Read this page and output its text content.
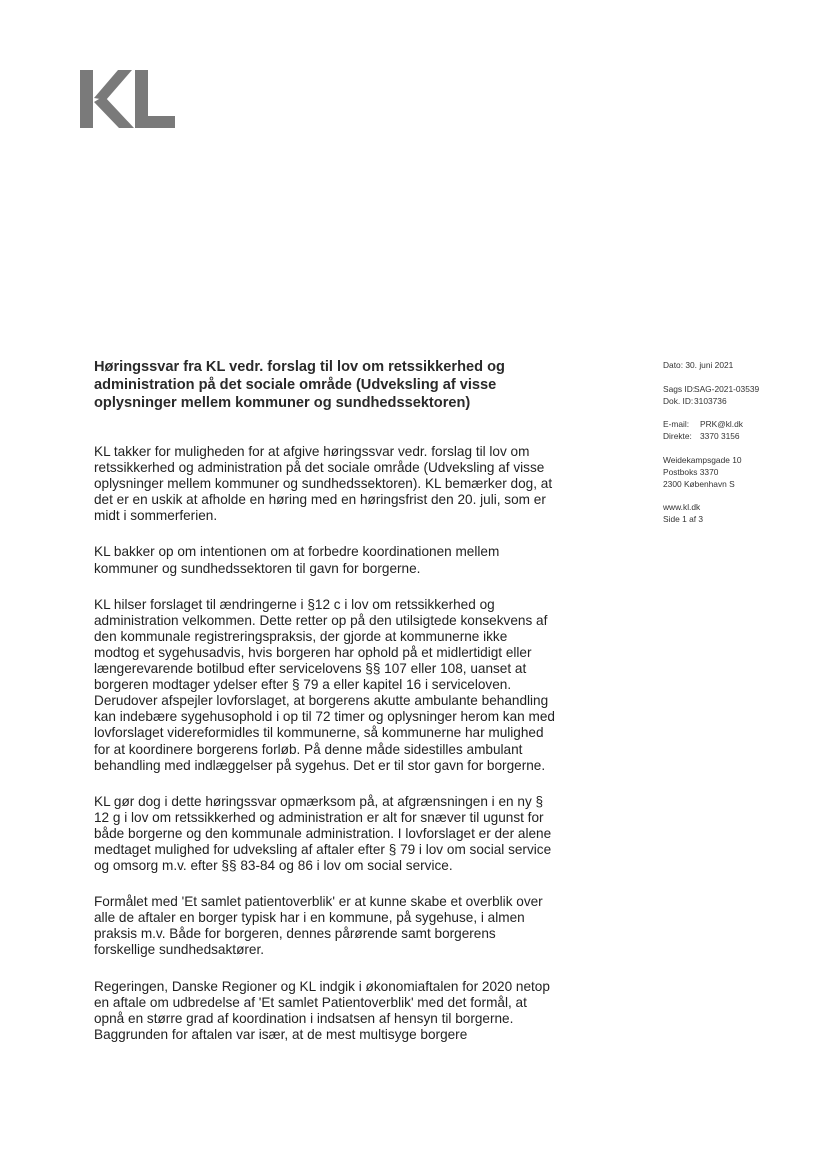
Høringssvar fra KL vedr. forslag til lov om retssikkerhed og administration på det sociale område (Udveksling af visse oplysninger mellem kommuner og sundhedssektoren)

KL takker for muligheden for at afgive høringssvar vedr. forslag til lov om retssikkerhed og administration på det sociale område (Udveksling af visse oplysninger mellem kommuner og sundhedssektoren). KL bemærker dog, at det er en uskik at afholde en høring med en høringsfrist den 20. juli, som er midt i sommerferien.

KL bakker op om intentionen om at forbedre koordinationen mellem kommuner og sundhedssektoren til gavn for borgerne.

KL hilser forslaget til ændringerne i §12 c i lov om retssikkerhed og administration velkommen. Dette retter op på den utilsigtede konsekvens af den kommunale registreringspraksis, der gjorde at kommunerne ikke modtog et sygehusadvis, hvis borgeren har ophold på et midlertidigt eller længerevarende botilbud efter servicelovens §§ 107 eller 108, uanset at borgeren modtager ydelser efter § 79 a eller kapitel 16 i serviceloven. Derudover afspejler lovforslaget, at borgerens akutte ambulante behandling kan indebære sygehusophold i op til 72 timer og oplysninger herom kan med lovforslaget videreformidles til kommunerne, så kommunerne har mulighed for at koordinere borgerens forløb. På denne måde sidestilles ambulant behandling med indlæggelser på sygehus. Det er til stor gavn for borgerne.

KL gør dog i dette høringssvar opmærksom på, at afgrænsningen i en ny § 12 g i lov om retssikkerhed og administration er alt for snæver til ugunst for både borgerne og den kommunale administration. I lovforslaget er der alene medtaget mulighed for udveksling af aftaler efter § 79 i lov om social service og omsorg m.v. efter §§ 83-84 og 86 i lov om social service.

Formålet med 'Et samlet patientoverblik' er at kunne skabe et overblik over alle de aftaler en borger typisk har i en kommune, på sygehuse, i almen praksis m.v. Både for borgeren, dennes pårørende samt borgerens forskellige sundhedsaktører.

Regeringen, Danske Regioner og KL indgik i økonomiaftalen for 2020 netop en aftale om udbredelse af 'Et samlet Patientoverblik' med det formål, at opnå en større grad af koordination i indsatsen af hensyn til borgerne. Baggrunden for aftalen var især, at de mest multisyge borgere

Dato: 30. juni 2021
Sags ID:SAG-2021-03539
Dok. ID:3103736
E-mail: PRK@kl.dk
Direkte: 3370 3156
Weidekampsgade 10
Postboks 3370
2300 København S
www.kl.dk
Side 1 af 3
